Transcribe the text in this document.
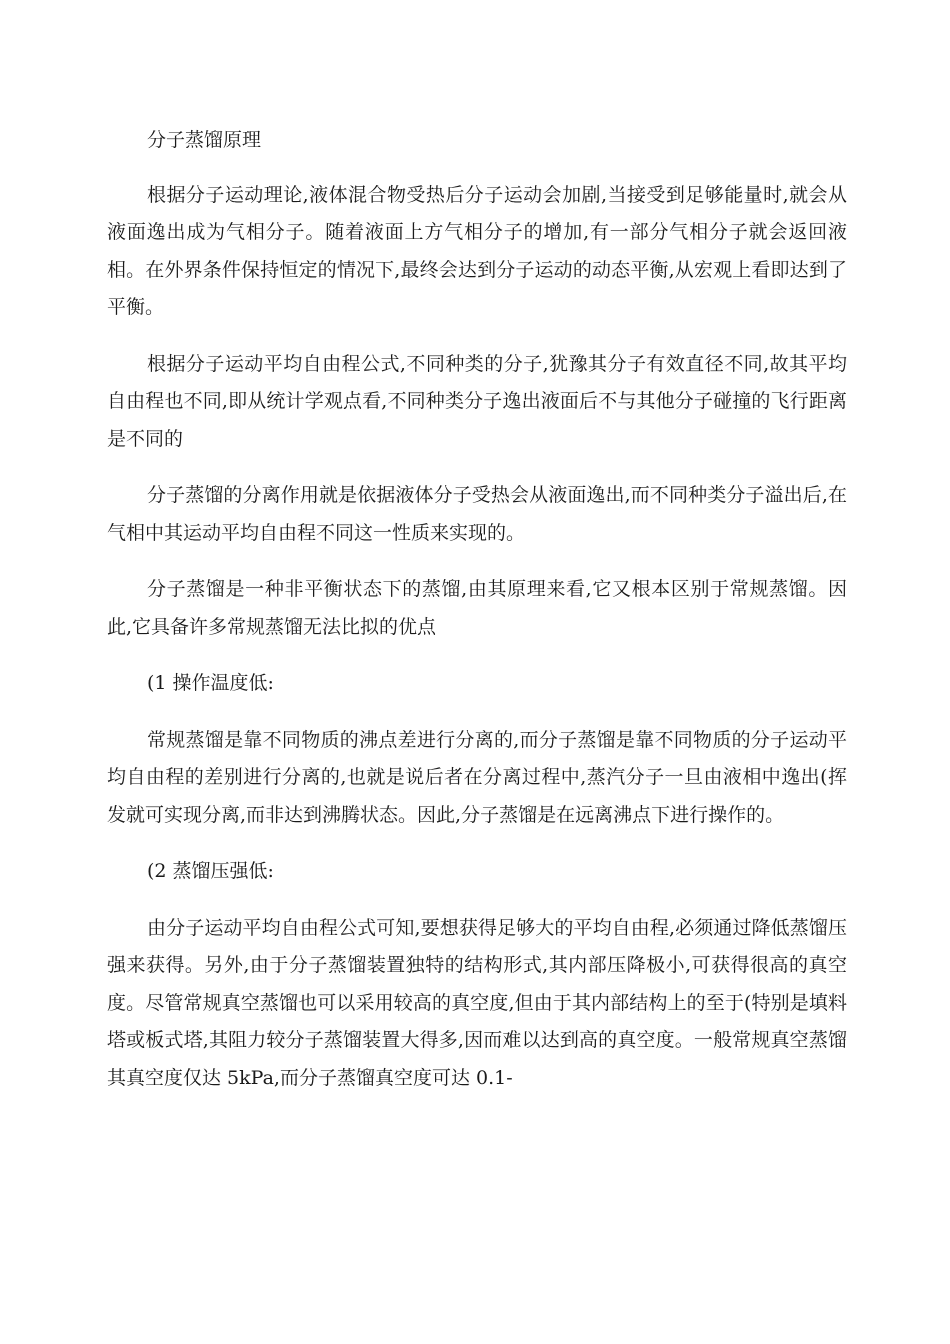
分子蒸馏原理

根据分子运动理论,液体混合物受热后分子运动会加剧,当接受到足够能量时,就会从液面逸出成为气相分子。随着液面上方气相分子的增加,有一部分气相分子就会返回液相。在外界条件保持恒定的情况下,最终会达到分子运动的动态平衡,从宏观上看即达到了平衡。

根据分子运动平均自由程公式,不同种类的分子,犹豫其分子有效直径不同,故其平均自由程也不同,即从统计学观点看,不同种类分子逸出液面后不与其他分子碰撞的飞行距离是不同的

分子蒸馏的分离作用就是依据液体分子受热会从液面逸出,而不同种类分子溢出后,在气相中其运动平均自由程不同这一性质来实现的。

分子蒸馏是一种非平衡状态下的蒸馏,由其原理来看,它又根本区别于常规蒸馏。因此,它具备许多常规蒸馏无法比拟的优点

(1 操作温度低:

常规蒸馏是靠不同物质的沸点差进行分离的,而分子蒸馏是靠不同物质的分子运动平均自由程的差别进行分离的,也就是说后者在分离过程中,蒸汽分子一旦由液相中逸出(挥发就可实现分离,而非达到沸腾状态。因此,分子蒸馏是在远离沸点下进行操作的。

(2 蒸馏压强低:

由分子运动平均自由程公式可知,要想获得足够大的平均自由程,必须通过降低蒸馏压强来获得。另外,由于分子蒸馏装置独特的结构形式,其内部压降极小,可获得很高的真空度。尽管常规真空蒸馏也可以采用较高的真空度,但由于其内部结构上的至于(特别是填料塔或板式塔,其阻力较分子蒸馏装置大得多,因而难以达到高的真空度。一般常规真空蒸馏其真空度仅达 5kPa,而分子蒸馏真空度可达 0.1-
